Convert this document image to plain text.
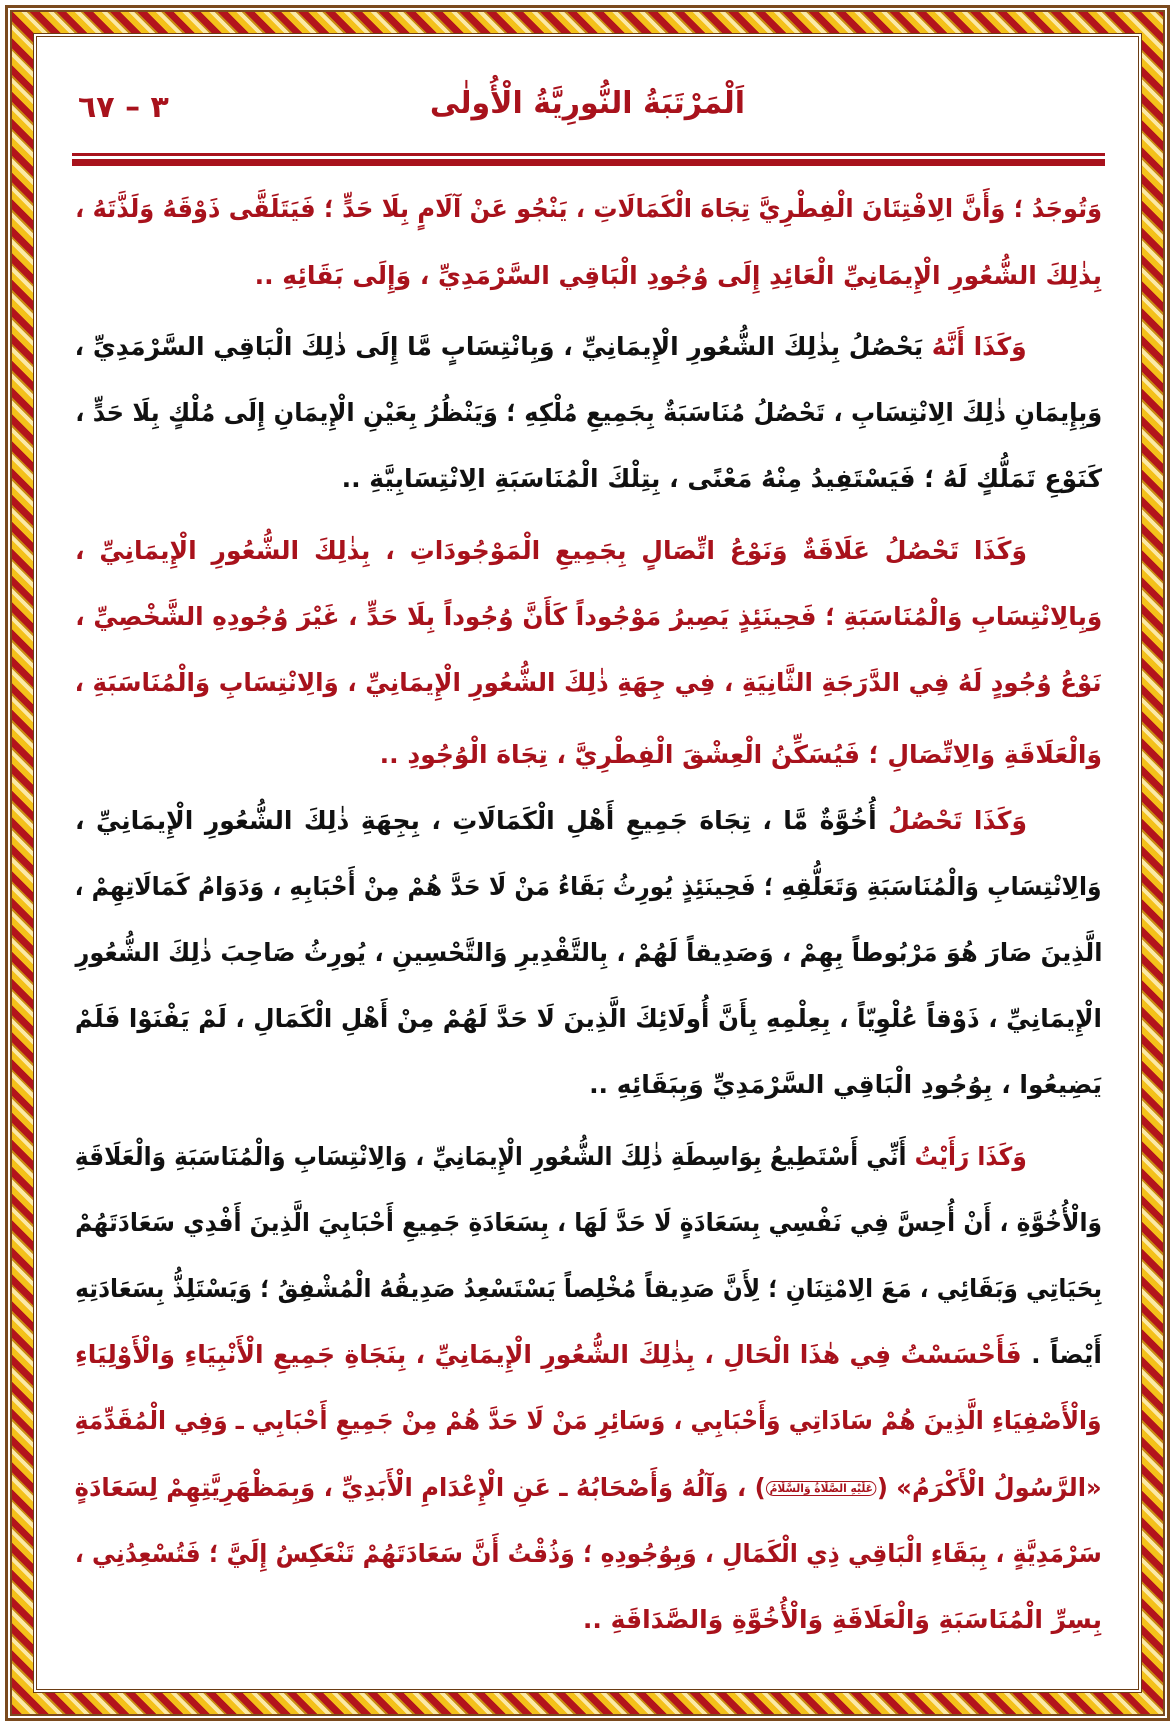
اَلْمَرْتَبَةُ النُّورِيَّةُ الْأُولٰى
٣ – ٦٧
وَتُوجَدُ ؛ وَأَنَّ الِافْتِتَانَ الْفِطْرِيَّ تِجَاهَ الْكَمَالَاتِ ، يَنْجُو عَنْ آلَامٍ بِلَا حَدٍّ ؛ فَيَتَلَقَّى ذَوْقَهُ وَلَذَّتَهُ ،
بِذٰلِكَ الشُّعُورِ الْإِيمَانِيِّ الْعَائِدِ إِلَى وُجُودِ الْبَاقِي السَّرْمَدِيِّ ، وَإِلَى بَقَائِهِ ..
وَكَذَا أَنَّهُ يَحْصُلُ بِذٰلِكَ الشُّعُورِ الْإِيمَانِيِّ ، وَبِانْتِسَابٍ مَّا إِلَى ذٰلِكَ الْبَاقِي السَّرْمَدِيِّ ،
وَبِإِيمَانِ ذٰلِكَ الِانْتِسَابِ ، تَحْصُلُ مُنَاسَبَةٌ بِجَمِيعِ مُلْكِهِ ؛ وَيَنْظُرُ بِعَيْنِ الْإِيمَانِ إِلَى مُلْكٍ بِلَا حَدٍّ ،
كَنَوْعِ تَمَلُّكٍ لَهُ ؛ فَيَسْتَفِيدُ مِنْهُ مَعْنًى ، بِتِلْكَ الْمُنَاسَبَةِ الِانْتِسَابِيَّةِ ..
وَكَذَا تَحْصُلُ عَلَاقَةٌ وَنَوْعُ اتِّصَالٍ بِجَمِيعِ الْمَوْجُودَاتِ ، بِذٰلِكَ الشُّعُورِ الْإِيمَانِيِّ ،
وَبِالِانْتِسَابِ وَالْمُنَاسَبَةِ ؛ فَحِينَئِذٍ يَصِيرُ مَوْجُوداً كَأَنَّ وُجُوداً بِلَا حَدٍّ ، غَيْرَ وُجُودِهِ الشَّخْصِيِّ ،
نَوْعُ وُجُودٍ لَهُ فِي الدَّرَجَةِ الثَّانِيَةِ ، فِي جِهَةِ ذٰلِكَ الشُّعُورِ الْإِيمَانِيِّ ، وَالِانْتِسَابِ وَالْمُنَاسَبَةِ ،
وَالْعَلَاقَةِ وَالِاتِّصَالِ ؛ فَيُسَكِّنُ الْعِشْقَ الْفِطْرِيَّ ، تِجَاهَ الْوُجُودِ ..
وَكَذَا تَحْصُلُ أُخُوَّةٌ مَّا ، تِجَاهَ جَمِيعِ أَهْلِ الْكَمَالَاتِ ، بِجِهَةِ ذٰلِكَ الشُّعُورِ الْإِيمَانِيِّ ،
وَالِانْتِسَابِ وَالْمُنَاسَبَةِ وَتَعَلُّقِهِ ؛ فَحِينَئِذٍ يُورِثُ بَقَاءُ مَنْ لَا حَدَّ هُمْ مِنْ أَحْبَابِهِ ، وَدَوَامُ كَمَالَاتِهِمْ ،
الَّذِينَ صَارَ هُوَ مَرْبُوطاً بِهِمْ ، وَصَدِيقاً لَهُمْ ، بِالتَّقْدِيرِ وَالتَّحْسِينِ ، يُورِثُ صَاحِبَ ذٰلِكَ الشُّعُورِ
الْإِيمَانِيِّ ، ذَوْقاً عُلْوِيّاً ، بِعِلْمِهِ بِأَنَّ أُولَائِكَ الَّذِينَ لَا حَدَّ لَهُمْ مِنْ أَهْلِ الْكَمَالِ ، لَمْ يَفْنَوْا فَلَمْ
يَضِيعُوا ، بِوُجُودِ الْبَاقِي السَّرْمَدِيِّ وَبِبَقَائِهِ ..
وَكَذَا رَأَيْتُ أَنِّي أَسْتَطِيعُ بِوَاسِطَةِ ذٰلِكَ الشُّعُورِ الْإِيمَانِيِّ ، وَالِانْتِسَابِ وَالْمُنَاسَبَةِ وَالْعَلَاقَةِ
وَالْأُخُوَّةِ ، أَنْ أُحِسَّ فِي نَفْسِي بِسَعَادَةٍ لَا حَدَّ لَهَا ، بِسَعَادَةِ جَمِيعِ أَحْبَابِيَ الَّذِينَ أَفْدِي سَعَادَتَهُمْ
بِحَيَاتِي وَبَقَائِي ، مَعَ الِامْتِنَانِ ؛ لِأَنَّ صَدِيقاً مُخْلِصاً يَسْتَسْعِدُ صَدِيقُهُ الْمُشْفِقُ ؛ وَيَسْتَلِذُّ بِسَعَادَتِهِ
أَيْضاً . فَأَحْسَسْتُ فِي هٰذَا الْحَالِ ، بِذٰلِكَ الشُّعُورِ الْإِيمَانِيِّ ، بِنَجَاةِ جَمِيعِ الْأَنْبِيَاءِ وَالْأَوْلِيَاءِ
وَالْأَصْفِيَاءِ الَّذِينَ هُمْ سَادَاتِي وَأَحْبَابِي ، وَسَائِرِ مَنْ لَا حَدَّ هُمْ مِنْ جَمِيعِ أَحْبَابِي ـ وَفِي الْمُقَدِّمَةِ
«الرَّسُولُ الْأَكْرَمُ» (عَلَيْهِ الصَّلَاةُ وَالسَّلَامُ) ، وَآلُهُ وَأَصْحَابُهُ ـ عَنِ الْإِعْدَامِ الْأَبَدِيِّ ، وَبِمَظْهَرِيَّتِهِمْ لِسَعَادَةٍ
سَرْمَدِيَّةٍ ، بِبَقَاءِ الْبَاقِي ذِي الْكَمَالِ ، وَبِوُجُودِهِ ؛ وَذُقْتُ أَنَّ سَعَادَتَهُمْ تَنْعَكِسُ إِلَيَّ ؛ فَتُسْعِدُنِي ،
بِسِرِّ الْمُنَاسَبَةِ وَالْعَلَاقَةِ وَالْأُخُوَّةِ وَالصَّدَاقَةِ ..
